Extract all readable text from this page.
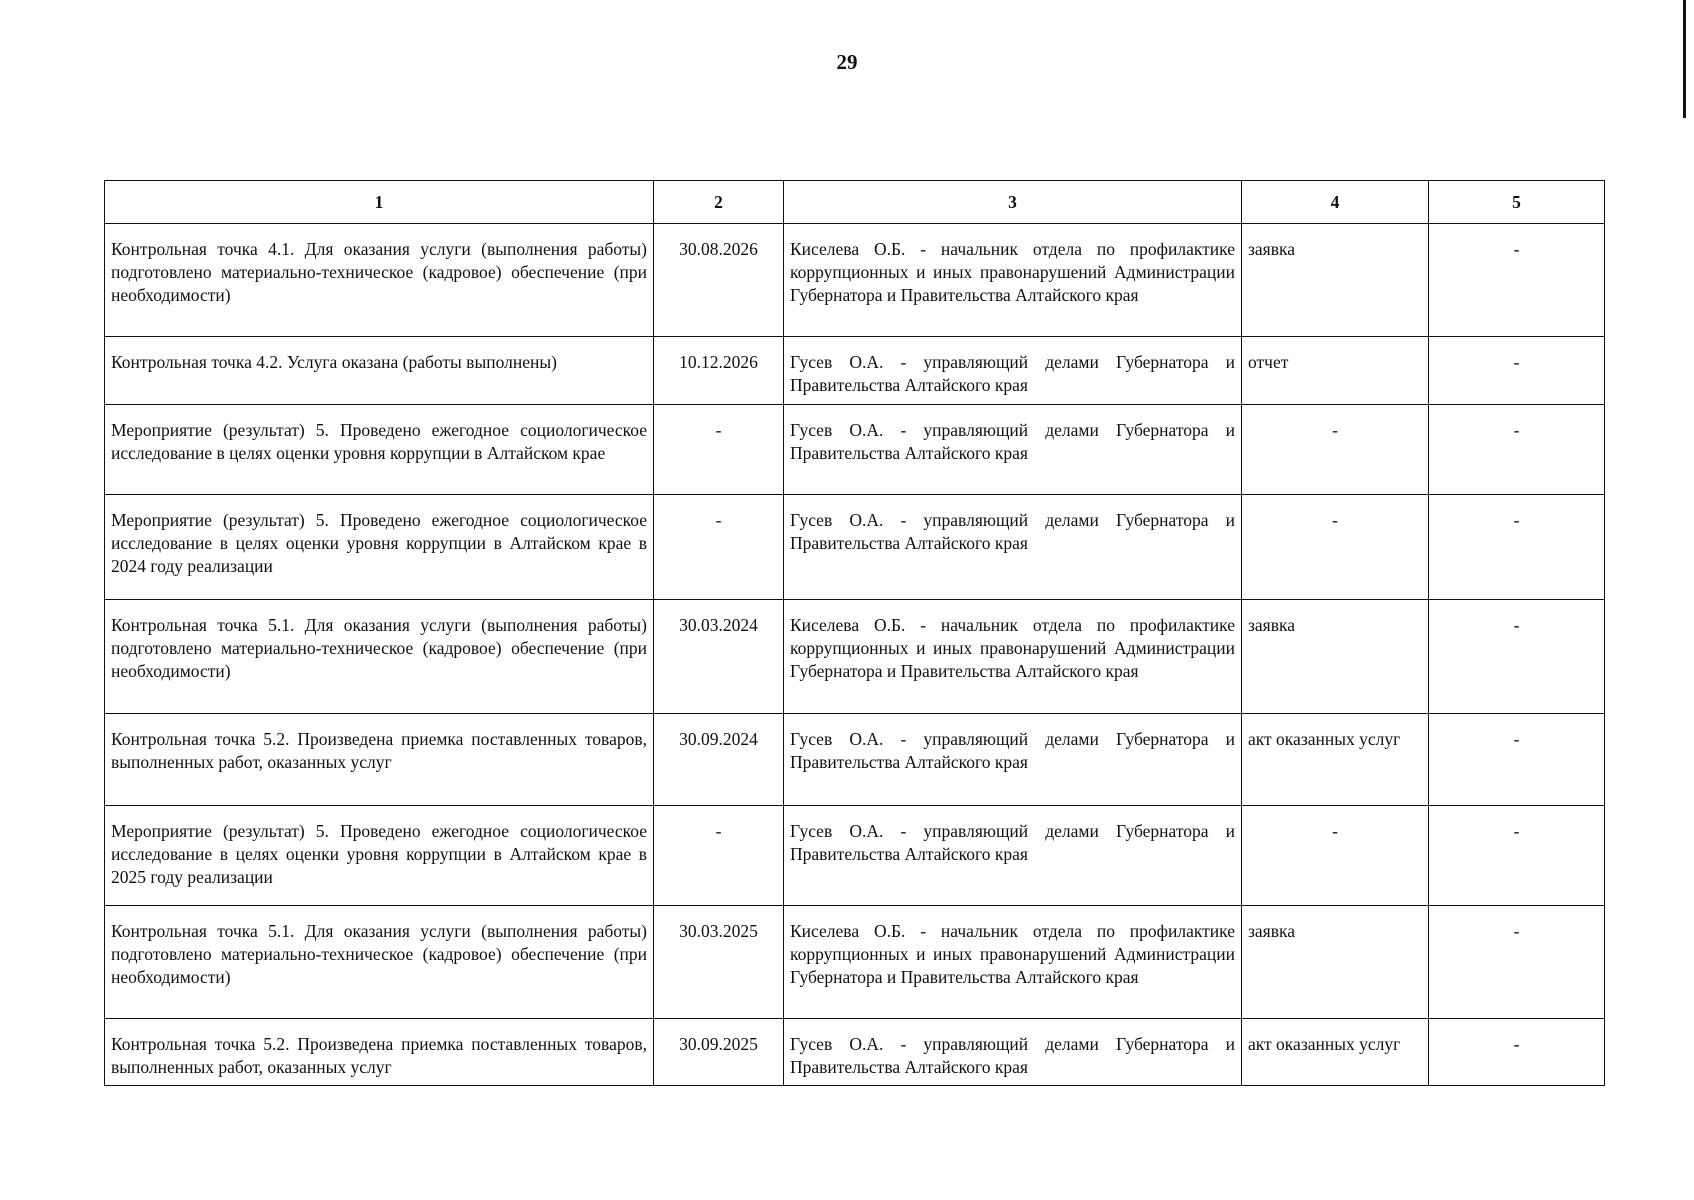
29
1	2	3	4	5
Контрольная точка 4.1. Для оказания услуги (выполнения работы) подготовлено материально-техническое (кадровое) обеспечение (при необходимости)	30.08.2026	Киселева О.Б. - начальник отдела по профилактике коррупционных и иных правонарушений Администрации Губернатора и Правительства Алтайского края	заявка	-
Контрольная точка 4.2. Услуга оказана (работы выполнены)	10.12.2026	Гусев О.А. - управляющий делами Губернатора и Правительства Алтайского края	отчет	-
Мероприятие (результат) 5. Проведено ежегодное социологическое исследование в целях оценки уровня коррупции в Алтайском крае	-	Гусев О.А. - управляющий делами Губернатора и Правительства Алтайского края	-	-
Мероприятие (результат) 5. Проведено ежегодное социологическое исследование в целях оценки уровня коррупции в Алтайском крае в 2024 году реализации	-	Гусев О.А. - управляющий делами Губернатора и Правительства Алтайского края	-	-
Контрольная точка 5.1. Для оказания услуги (выполнения работы) подготовлено материально-техническое (кадровое) обеспечение (при необходимости)	30.03.2024	Киселева О.Б. - начальник отдела по профилактике коррупционных и иных правонарушений Администрации Губернатора и Правительства Алтайского края	заявка	-
Контрольная точка 5.2. Произведена приемка поставленных товаров, выполненных работ, оказанных услуг	30.09.2024	Гусев О.А. - управляющий делами Губернатора и Правительства Алтайского края	акт оказанных услуг	-
Мероприятие (результат) 5. Проведено ежегодное социологическое исследование в целях оценки уровня коррупции в Алтайском крае в 2025 году реализации	-	Гусев О.А. - управляющий делами Губернатора и Правительства Алтайского края	-	-
Контрольная точка 5.1. Для оказания услуги (выполнения работы) подготовлено материально-техническое (кадровое) обеспечение (при необходимости)	30.03.2025	Киселева О.Б. - начальник отдела по профилактике коррупционных и иных правонарушений Администрации Губернатора и Правительства Алтайского края	заявка	-
Контрольная точка 5.2. Произведена приемка поставленных товаров, выполненных работ, оказанных услуг	30.09.2025	Гусев О.А. - управляющий делами Губернатора и Правительства Алтайского края	акт оказанных услуг	-
